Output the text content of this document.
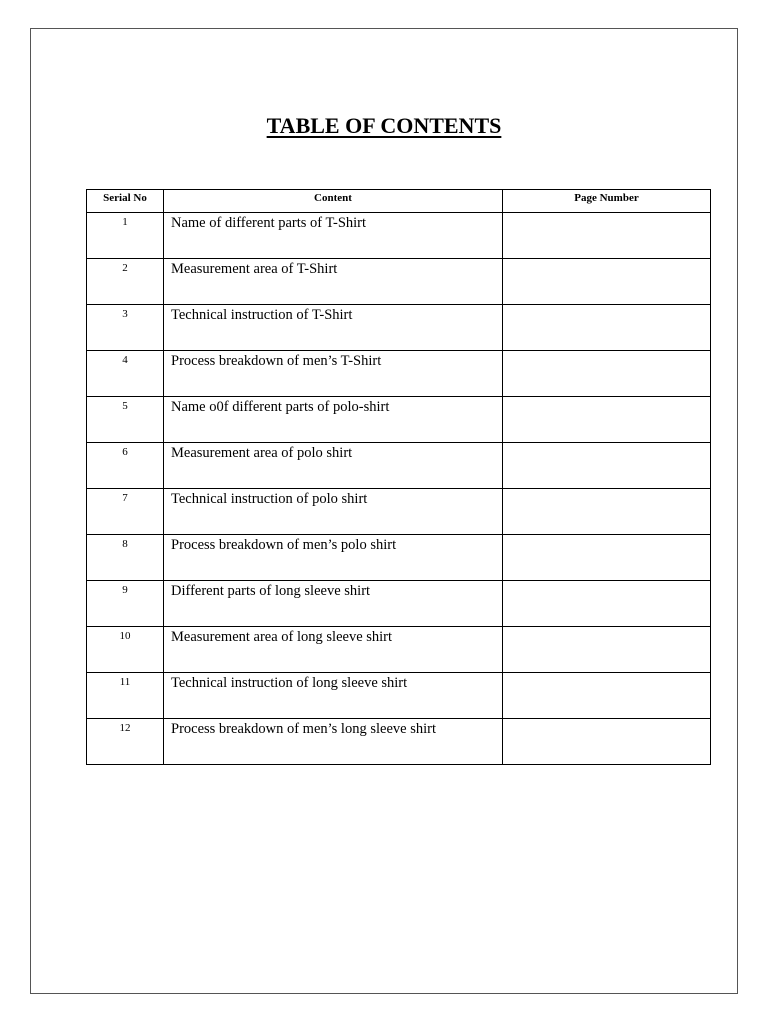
TABLE OF CONTENTS
Serial No	Content	Page Number
1	Name of different parts of T-Shirt	
2	Measurement area of T-Shirt	
3	Technical instruction of T-Shirt	
4	Process breakdown of men’s T-Shirt	
5	Name o0f different parts of polo-shirt	
6	Measurement area of polo shirt	
7	Technical instruction of polo shirt	
8	Process breakdown of men’s polo shirt	
9	Different parts of long sleeve shirt	
10	Measurement area of long sleeve shirt	
11	Technical instruction of long sleeve shirt	
12	Process breakdown of men’s long sleeve shirt	
